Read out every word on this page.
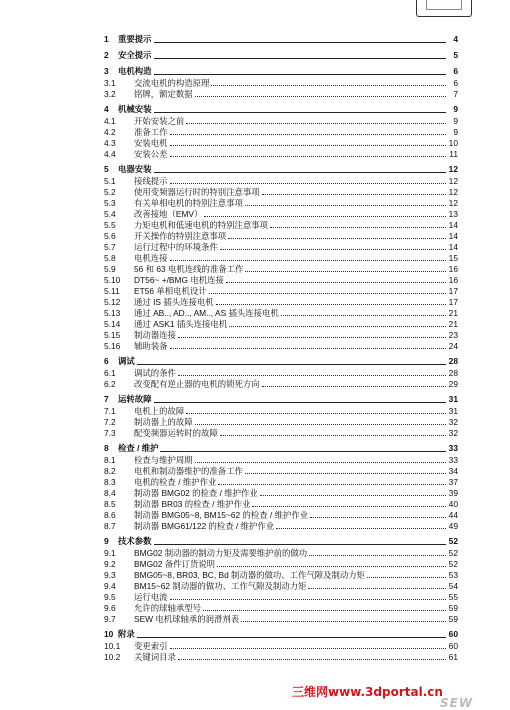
1	重要提示	4
2	安全提示	5
3	电机构造	6
3.1	交流电机的构造原理	6
3.2	铭牌，额定数据	7
4	机械安装	9
4.1	开始安装之前	9
4.2	准备工作	9
4.3	安装电机	10
4.4	安装公差	11
5	电器安装	12
5.1	接线提示	12
5.2	使用变频器运行时的特别注意事项	12
5.3	有关单相电机的特别注意事项	12
5.4	改善接地（EMV）	13
5.5	力矩电机和低速电机的特别注意事项	14
5.6	开关操作的特别注意事项	14
5.7	运行过程中的环境条件	14
5.8	电机连接	15
5.9	56 和 63 电机连线的准备工作	16
5.10	DT56~ +/BMG 电机连接	16
5.11	ET56 单相电机设计	17
5.12	通过 IS 插头连接电机	17
5.13	通过 AB.., AD.., AM.., AS 插头连接电机	21
5.14	通过 ASK1 插头连接电机	21
5.15	制动器连接	23
5.16	辅助装备	24
6	调试	28
6.1	调试的条件	28
6.2	改变配有逆止器的电机的锁死方向	29
7	运转故障	31
7.1	电机上的故障	31
7.2	制动器上的故障	32
7.3	配变频器运转时的故障	32
8	检查 / 维护	33
8.1	检查与维护周期	33
8.2	电机和制动器维护的准备工作	34
8.3	电机的检查 / 维护作业	37
8.4	制动器 BMG02 的检查 / 维护作业	39
8.5	制动器 BR03 的检查 / 维护作业	40
8.6	制动器 BMG05~8, BM15~62 的检查 / 维护作业	44
8.7	制动器 BMG61/122 的检查 / 维护作业	49
9	技术参数	52
9.1	BMG02 制动器的制动力矩及需要维护前的做功	52
9.2	BMG02 备件订货说明	52
9.3	BMG05~8, BR03, BC, Bd 制动器的做功、工作气隙及制动力矩	53
9.4	BM15~62 制动器的做功、工作气隙及制动力矩	54
9.5	运行电流	55
9.6	允许的球轴承型号	59
9.7	SEW 电机球轴承的润滑剂表	59
10 附录	60
10.1	变更索引	60
10.2	关键词目录	61
三维网www.3dportal.cn
SEW
